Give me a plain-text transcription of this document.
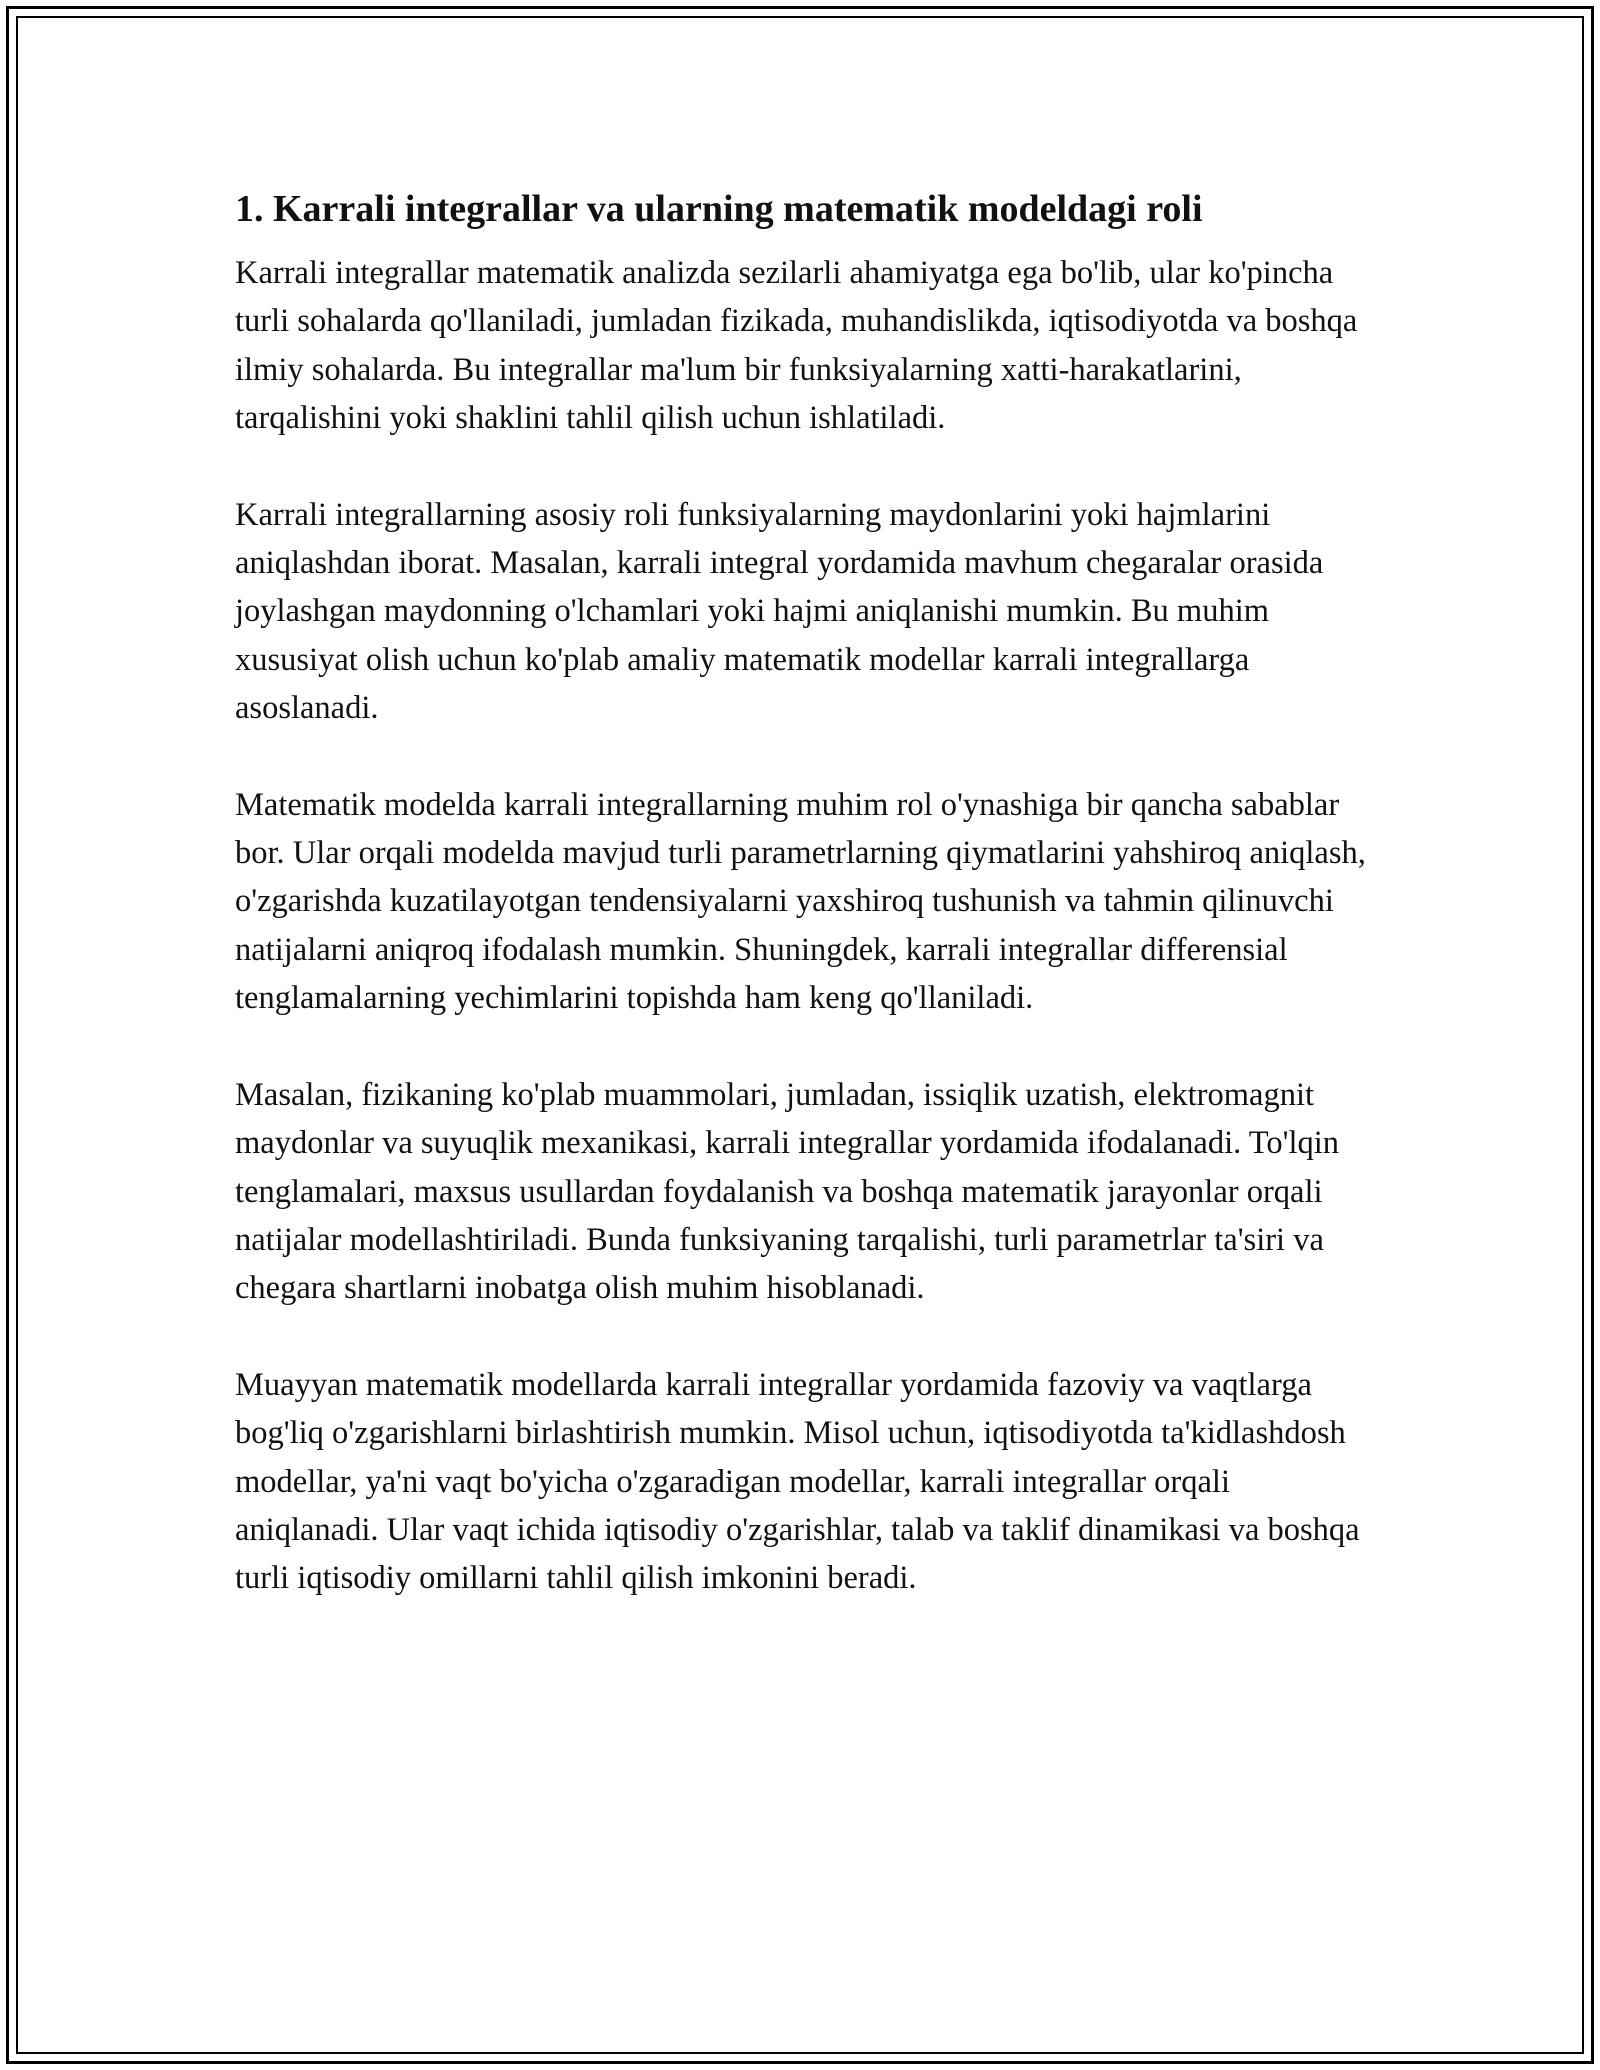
1. Karrali integrallar va ularning matematik modeldagi roli

Karrali integrallar matematik analizda sezilarli ahamiyatga ega bo'lib, ular ko'pincha turli sohalarda qo'llaniladi, jumladan fizikada, muhandislikda, iqtisodiyotda va boshqa ilmiy sohalarda. Bu integrallar ma'lum bir funksiyalarning xatti-harakatlarini, tarqalishini yoki shaklini tahlil qilish uchun ishlatiladi.

Karrali integrallarning asosiy roli funksiyalarning maydonlarini yoki hajmlarini aniqlashdan iborat. Masalan, karrali integral yordamida mavhum chegaralar orasida joylashgan maydonning o'lchamlari yoki hajmi aniqlanishi mumkin. Bu muhim xususiyat olish uchun ko'plab amaliy matematik modellar karrali integrallarga asoslanadi.

Matematik modelda karrali integrallarning muhim rol o'ynashiga bir qancha sabablar bor. Ular orqali modelda mavjud turli parametrlarning qiymatlarini yahshiroq aniqlash, o'zgarishda kuzatilayotgan tendensiyalarni yaxshiroq tushunish va tahmin qilinuvchi natijalarni aniqroq ifodalash mumkin. Shuningdek, karrali integrallar differensial tenglamalarning yechimlarini topishda ham keng qo'llaniladi.

Masalan, fizikaning ko'plab muammolari, jumladan, issiqlik uzatish, elektromagnit maydonlar va suyuqlik mexanikasi, karrali integrallar yordamida ifodalanadi. To'lqin tenglamalari, maxsus usullardan foydalanish va boshqa matematik jarayonlar orqali natijalar modellashtiriladi. Bunda funksiyaning tarqalishi, turli parametrlar ta'siri va chegara shartlarni inobatga olish muhim hisoblanadi.

Muayyan matematik modellarda karrali integrallar yordamida fazoviy va vaqtlarga bog'liq o'zgarishlarni birlashtirish mumkin. Misol uchun, iqtisodiyotda ta'kidlashdosh modellar, ya'ni vaqt bo'yicha o'zgaradigan modellar, karrali integrallar orqali aniqlanadi. Ular vaqt ichida iqtisodiy o'zgarishlar, talab va taklif dinamikasi va boshqa turli iqtisodiy omillarni tahlil qilish imkonini beradi.
